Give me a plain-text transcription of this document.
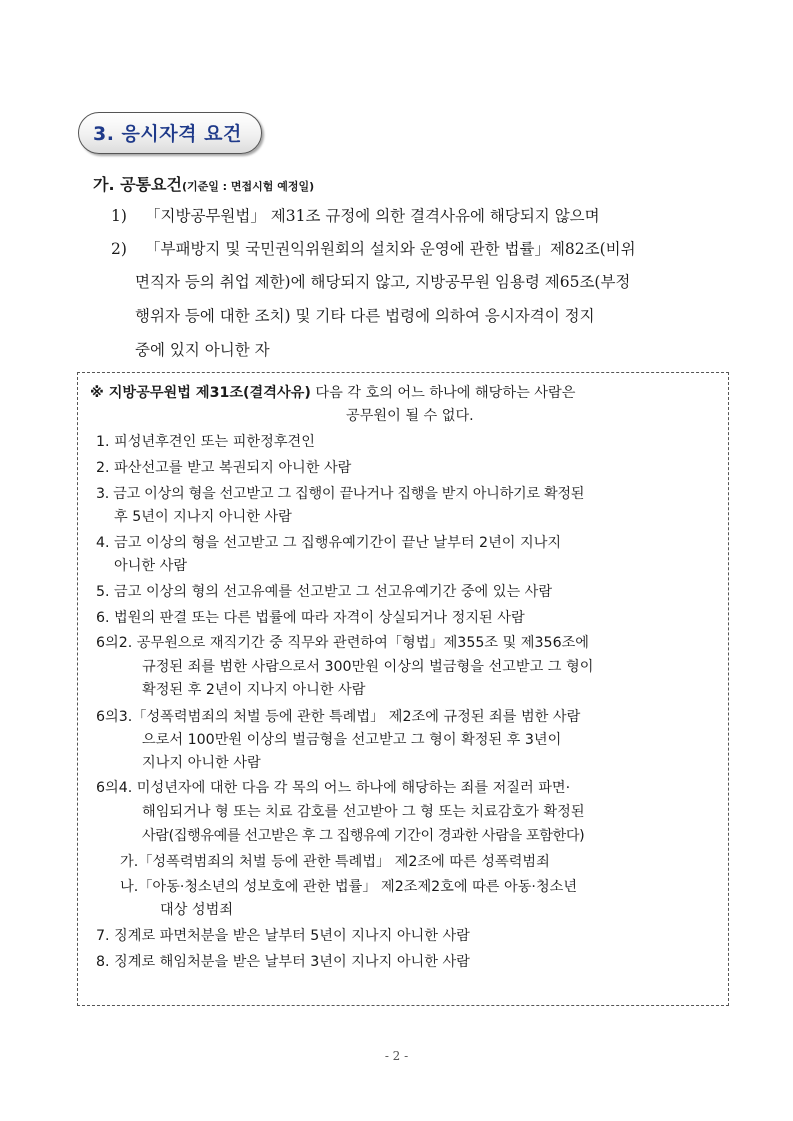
3. 응시자격 요건
가. 공통요건(기준일 : 면접시험 예정일)
1) 「지방공무원법」 제31조 규정에 의한 결격사유에 해당되지 않으며
2) 「부패방지 및 국민권익위원회의 설치와 운영에 관한 법률」제82조(비위
면직자 등의 취업 제한)에 해당되지 않고, 지방공무원 임용령 제65조(부정
행위자 등에 대한 조치) 및 기타 다른 법령에 의하여 응시자격이 정지
중에 있지 아니한 자
※ 지방공무원법 제31조(결격사유) 다음 각 호의 어느 하나에 해당하는 사람은
공무원이 될 수 없다.
1. 피성년후견인 또는 피한정후견인
2. 파산선고를 받고 복권되지 아니한 사람
3. 금고 이상의 형을 선고받고 그 집행이 끝나거나 집행을 받지 아니하기로 확정된
후 5년이 지나지 아니한 사람
4. 금고 이상의 형을 선고받고 그 집행유예기간이 끝난 날부터 2년이 지나지
아니한 사람
5. 금고 이상의 형의 선고유예를 선고받고 그 선고유예기간 중에 있는 사람
6. 법원의 판결 또는 다른 법률에 따라 자격이 상실되거나 정지된 사람
6의2. 공무원으로 재직기간 중 직무와 관련하여「형법」제355조 및 제356조에
규정된 죄를 범한 사람으로서 300만원 이상의 벌금형을 선고받고 그 형이
확정된 후 2년이 지나지 아니한 사람
6의3.「성폭력범죄의 처벌 등에 관한 특례법」 제2조에 규정된 죄를 범한 사람
으로서 100만원 이상의 벌금형을 선고받고 그 형이 확정된 후 3년이
지나지 아니한 사람
6의4. 미성년자에 대한 다음 각 목의 어느 하나에 해당하는 죄를 저질러 파면·
해임되거나 형 또는 치료 감호를 선고받아 그 형 또는 치료감호가 확정된
사람(집행유예를 선고받은 후 그 집행유예 기간이 경과한 사람을 포함한다)
가.「성폭력범죄의 처벌 등에 관한 특례법」 제2조에 따른 성폭력범죄
나.「아동·청소년의 성보호에 관한 법률」 제2조제2호에 따른 아동·청소년
대상 성범죄
7. 징계로 파면처분을 받은 날부터 5년이 지나지 아니한 사람
8. 징계로 해임처분을 받은 날부터 3년이 지나지 아니한 사람
- 2 -
